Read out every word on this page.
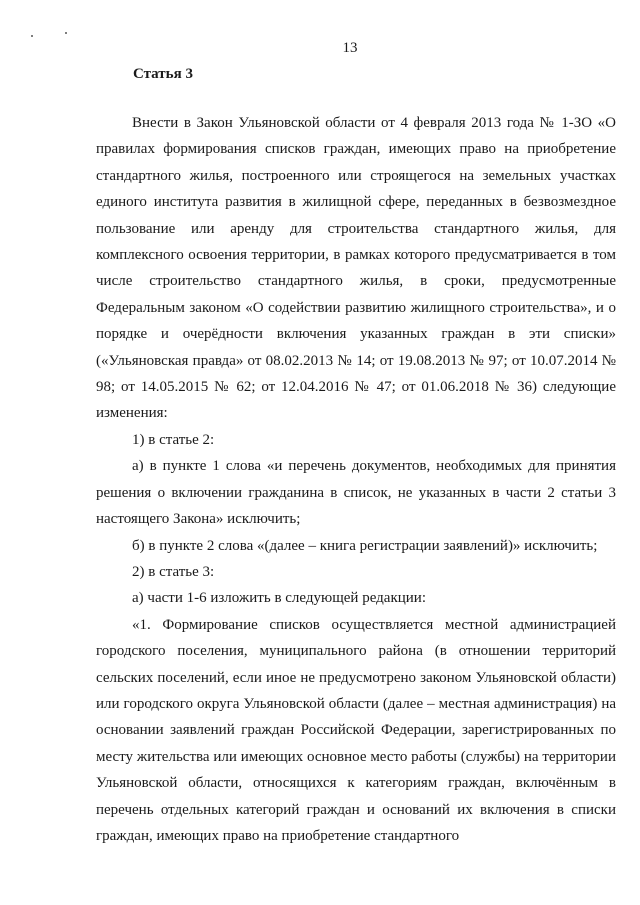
13
Статья 3

Внести в Закон Ульяновской области от 4 февраля 2013 года № 1-ЗО «О правилах формирования списков граждан, имеющих право на приобретение стандартного жилья, построенного или строящегося на земельных участках единого института развития в жилищной сфере, переданных в безвозмездное пользование или аренду для строительства стандартного жилья, для комплексного освоения территории, в рамках которого предусматривается в том числе строительство стандартного жилья, в сроки, предусмотренные Федеральным законом «О содействии развитию жилищного строительства», и о порядке и очерёдности включения указанных граждан в эти списки» («Ульяновская правда» от 08.02.2013 № 14; от 19.08.2013 № 97; от 10.07.2014 № 98; от 14.05.2015 № 62; от 12.04.2016 № 47; от 01.06.2018 № 36) следующие изменения:

1) в статье 2:

а) в пункте 1 слова «и перечень документов, необходимых для принятия решения о включении гражданина в список, не указанных в части 2 статьи 3 настоящего Закона» исключить;

б) в пункте 2 слова «(далее – книга регистрации заявлений)» исключить;

2) в статье 3:

а) части 1-6 изложить в следующей редакции:

«1. Формирование списков осуществляется местной администрацией городского поселения, муниципального района (в отношении территорий сельских поселений, если иное не предусмотрено законом Ульяновской области) или городского округа Ульяновской области (далее – местная администрация) на основании заявлений граждан Российской Федерации, зарегистрированных по месту жительства или имеющих основное место работы (службы) на территории Ульяновской области, относящихся к категориям граждан, включённым в перечень отдельных категорий граждан и оснований их включения в списки граждан, имеющих право на приобретение стандартного
